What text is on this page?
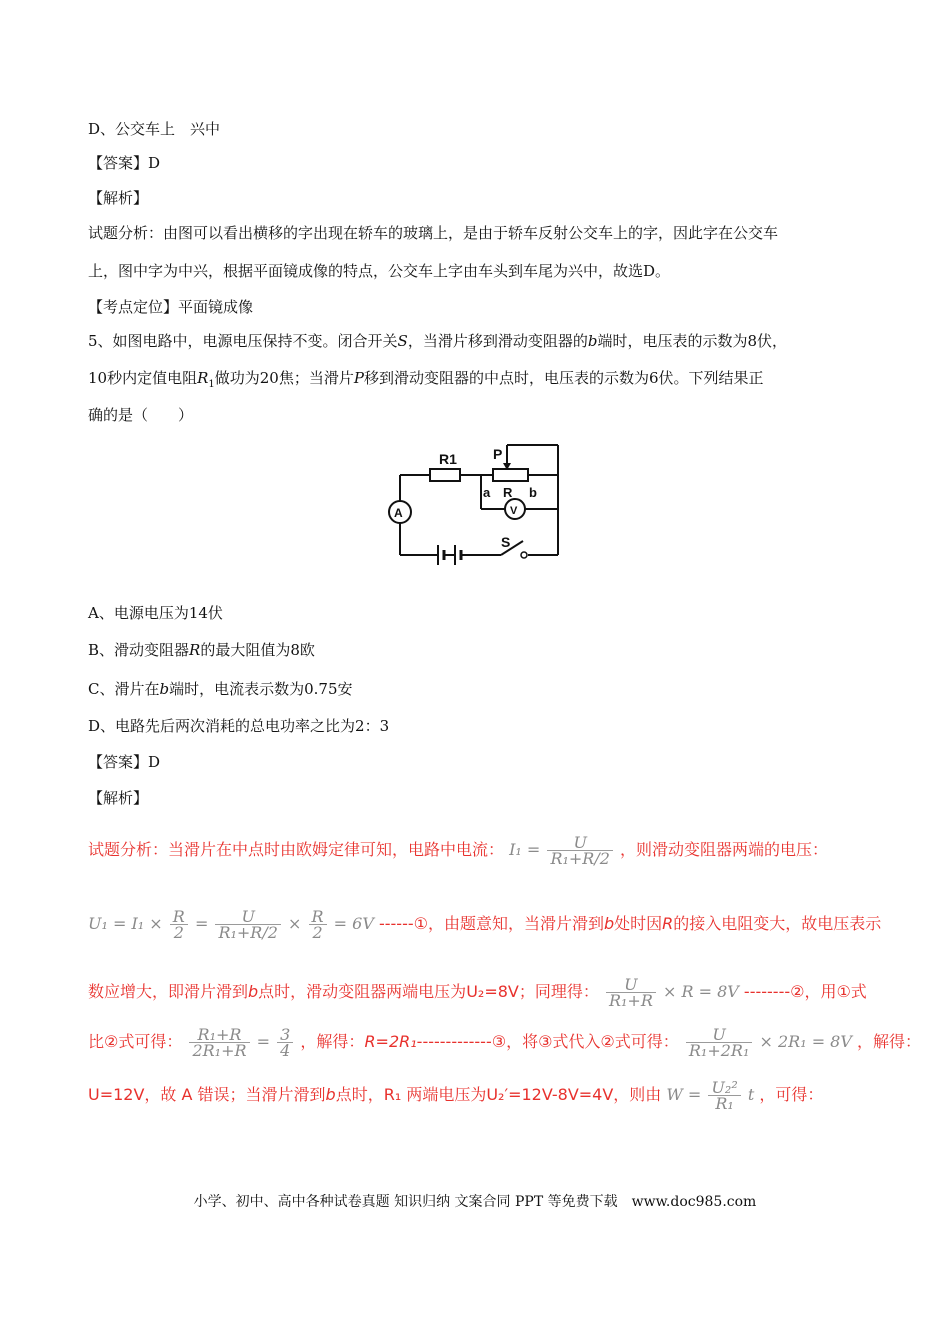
D、公交车上　兴中
【答案】D
【解析】
试题分析：由图可以看出横移的字出现在轿车的玻璃上，是由于轿车反射公交车上的字，因此字在公交车
上，图中字为中兴，根据平面镜成像的特点，公交车上字由车头到车尾为兴中，故选D。
【考点定位】平面镜成像
5、如图电路中，电源电压保持不变。闭合开关S，当滑片移到滑动变阻器的b端时，电压表的示数为8伏，
10秒内定值电阻$R_1$做功为20焦；当滑片P移到滑动变阻器的中点时，电压表的示数为6伏。下列结果正
确的是（　　）
R1	P
a R b
V
A
S
A、电源电压为14伏
B、滑动变阻器R的最大阻值为8欧
C、滑片在b端时，电流表示数为0.75安
D、电路先后两次消耗的总电功率之比为2：3
【答案】D
【解析】
试题分析：当滑片在中点时由欧姆定律可知，电路中电流： $I_1 = \frac{U}{\text{R₁+R/2}}$ ，则滑动变阻器两端的电压：
$U_1 = I_1 \times \frac{R}{2} = \frac{U}{\text{R₁+R/2}} \times \frac{R}{2} = 6V$ ------①，由题意知，当滑片滑到b处时因R的接入电阻变大，故电压表示
数应增大，即滑片滑到b点时，滑动变阻器两端电压为U₂=8V；同理得： $\frac{U}{\text{R₁+R}} \times R = 8V$ --------②，用①式
比②式可得： $\frac{\text{R₁+R}}{\text{2R₁+R}} = \frac{3}{4}$ ，解得：R=2R₁-------------③，将③式代入②式可得： $\frac{U}{\text{R₁+2R₁}} \times 2R_1 = 8V$ ，解得：
U=12V，故 A 错误；当滑片滑到b点时，R₁ 两端电压为U₂′=12V-8V=4V，则由 $W = \frac{\text{U₂²}}{\text{R₁}}$ t ，可得：
小学、初中、高中各种试卷真题 知识归纳 文案合同 PPT 等免费下载　www.doc985.com
